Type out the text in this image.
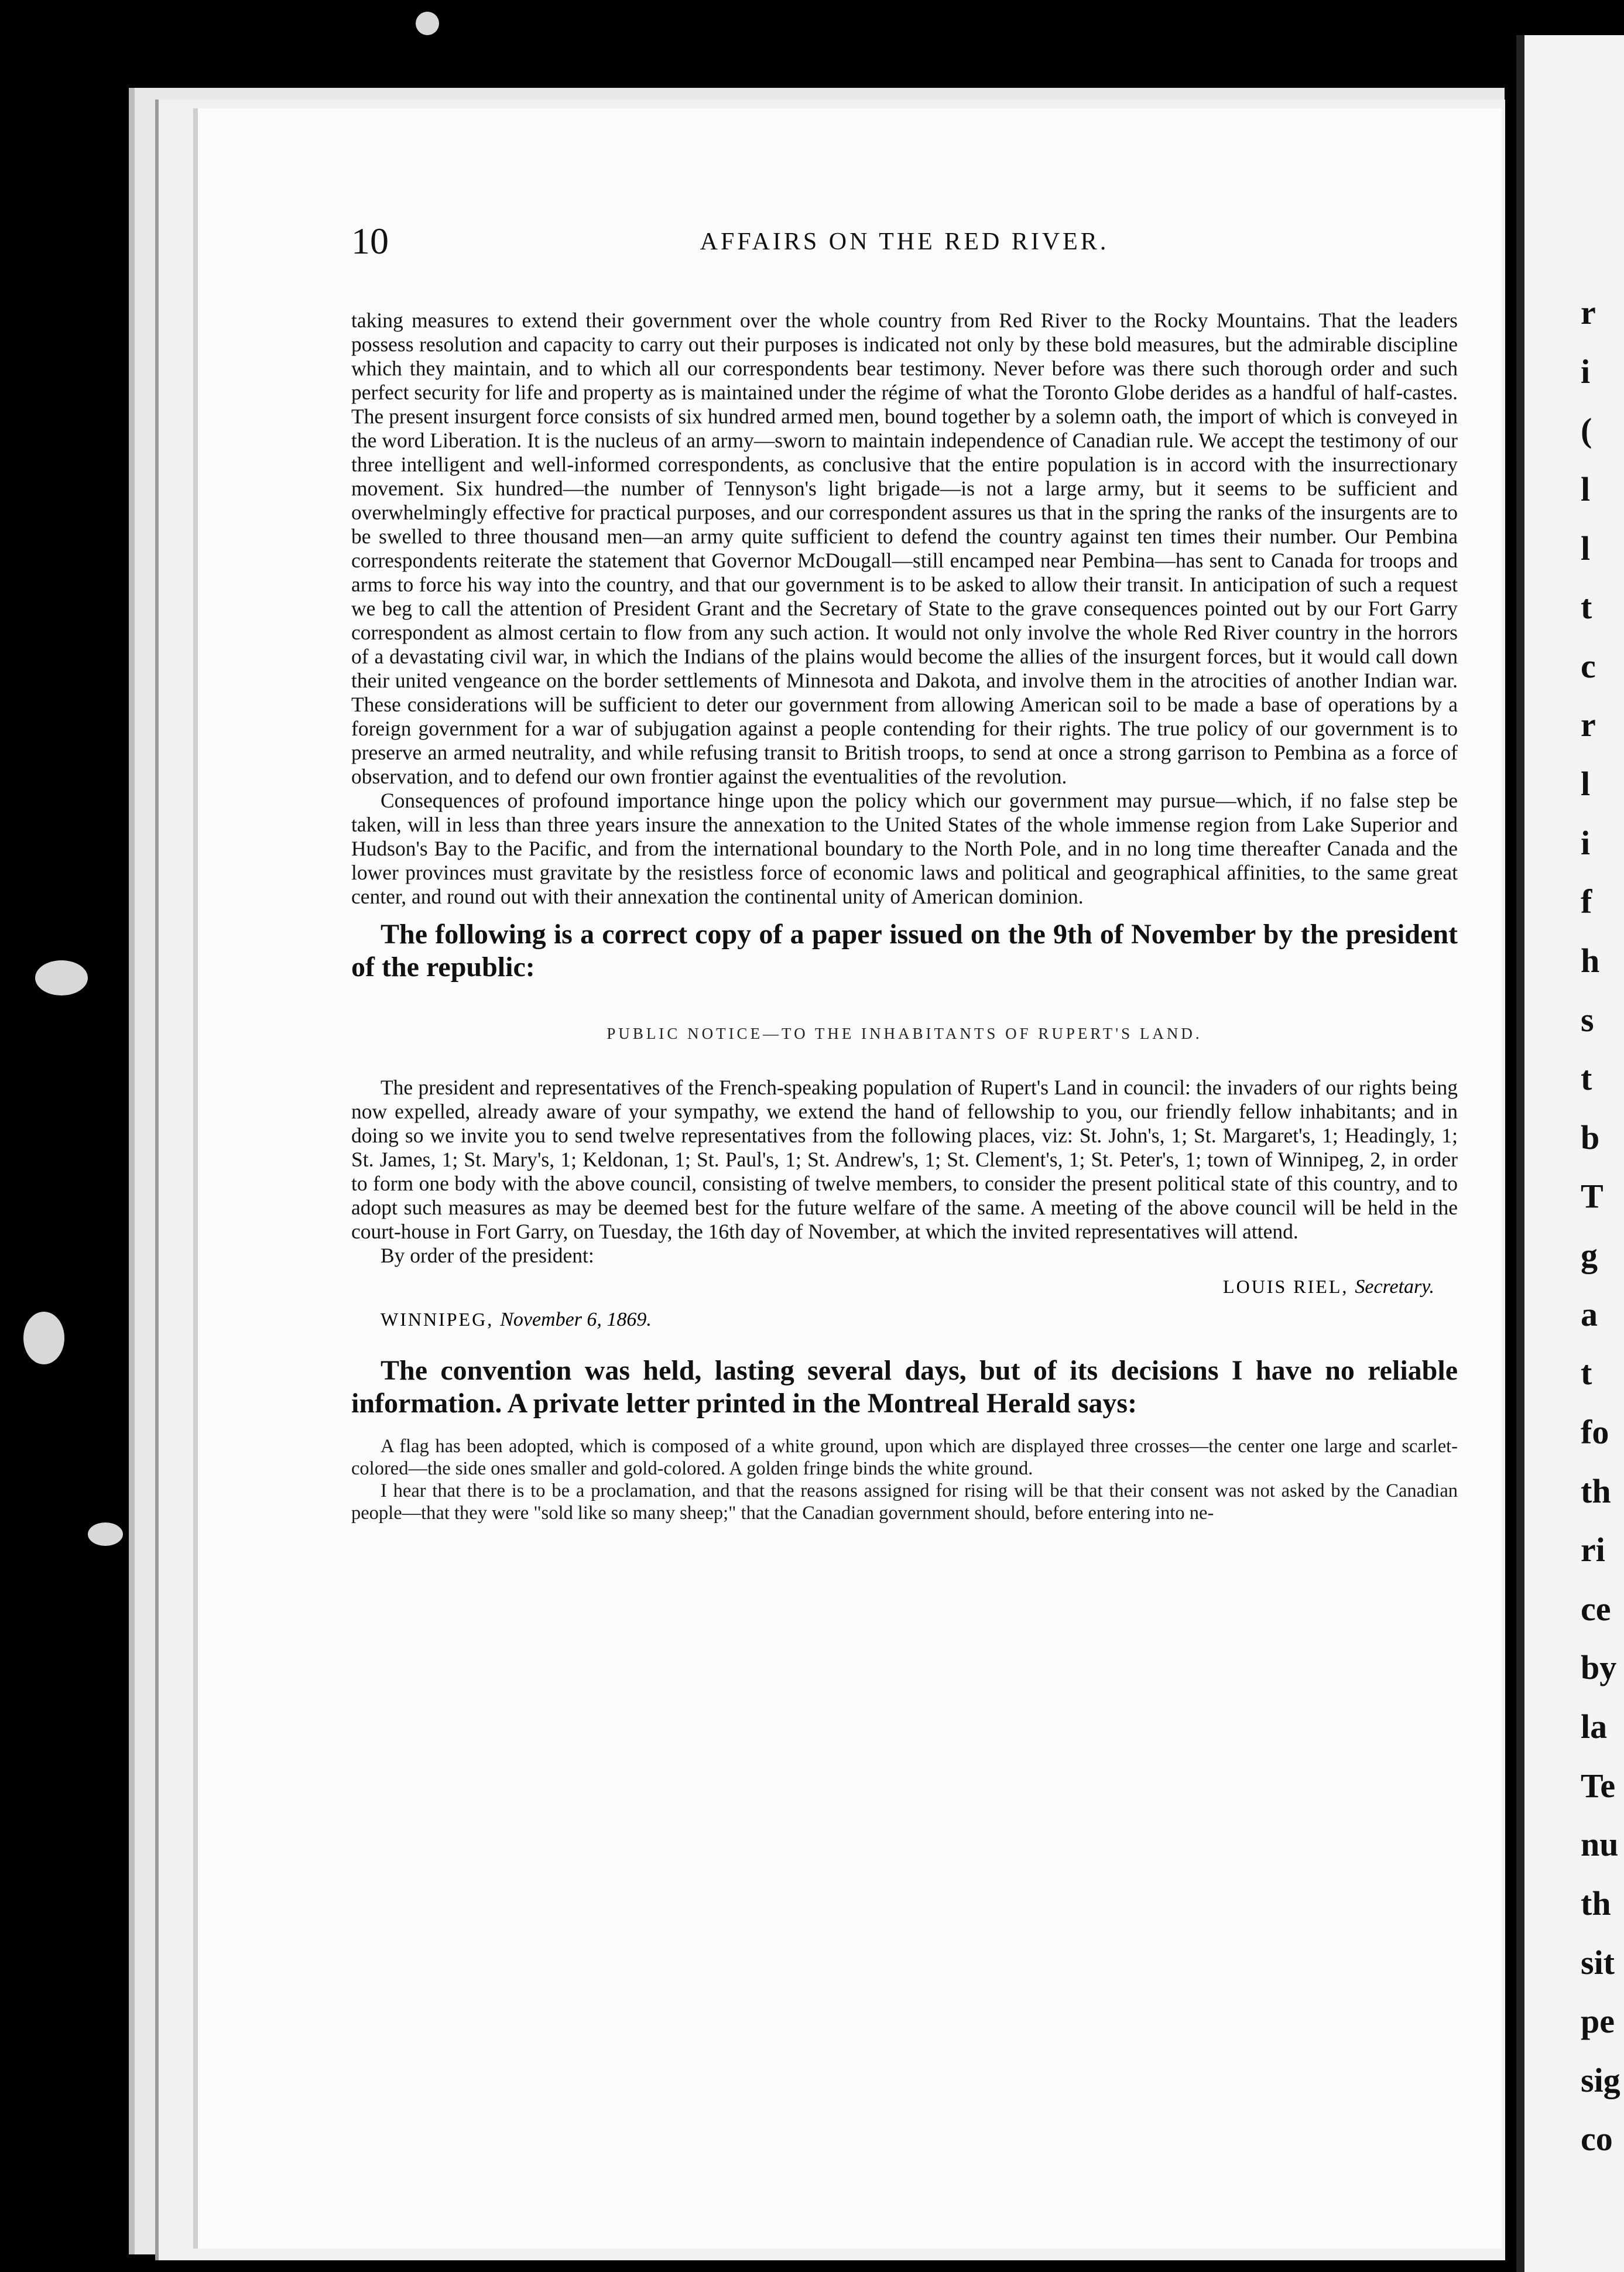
r
i
(
l
l
t
c
r
l
i
f
h
s
t
b
T
g
a
t
fo
th
ri
ce
by
la
Te
nu
th
sit
pe
sig
co
10	AFFAIRS ON THE RED RIVER.

taking measures to extend their government over the whole country from Red River to the Rocky Mountains. That the leaders possess resolution and capacity to carry out their purposes is indicated not only by these bold measures, but the admirable discipline which they maintain, and to which all our correspondents bear testimony. Never before was there such thorough order and such perfect security for life and property as is maintained under the régime of what the Toronto Globe derides as a handful of half-castes. The present insurgent force consists of six hundred armed men, bound together by a solemn oath, the import of which is conveyed in the word Liberation. It is the nucleus of an army—sworn to maintain independence of Canadian rule. We accept the testimony of our three intelligent and well-informed correspondents, as conclusive that the entire population is in accord with the insurrectionary movement. Six hundred—the number of Tennyson's light brigade—is not a large army, but it seems to be sufficient and overwhelmingly effective for practical purposes, and our correspondent assures us that in the spring the ranks of the insurgents are to be swelled to three thousand men—an army quite sufficient to defend the country against ten times their number. Our Pembina correspondents reiterate the statement that Governor McDougall—still encamped near Pembina—has sent to Canada for troops and arms to force his way into the country, and that our government is to be asked to allow their transit. In anticipation of such a request we beg to call the attention of President Grant and the Secretary of State to the grave consequences pointed out by our Fort Garry correspondent as almost certain to flow from any such action. It would not only involve the whole Red River country in the horrors of a devastating civil war, in which the Indians of the plains would become the allies of the insurgent forces, but it would call down their united vengeance on the border settlements of Minnesota and Dakota, and involve them in the atrocities of another Indian war. These considerations will be sufficient to deter our government from allowing American soil to be made a base of operations by a foreign government for a war of subjugation against a people contending for their rights. The true policy of our government is to preserve an armed neutrality, and while refusing transit to British troops, to send at once a strong garrison to Pembina as a force of observation, and to defend our own frontier against the eventualities of the revolution.

Consequences of profound importance hinge upon the policy which our government may pursue—which, if no false step be taken, will in less than three years insure the annexation to the United States of the whole immense region from Lake Superior and Hudson's Bay to the Pacific, and from the international boundary to the North Pole, and in no long time thereafter Canada and the lower provinces must gravitate by the resistless force of economic laws and political and geographical affinities, to the same great center, and round out with their annexation the continental unity of American dominion.

The following is a correct copy of a paper issued on the 9th of November by the president of the republic:

PUBLIC NOTICE—TO THE INHABITANTS OF RUPERT'S LAND.

The president and representatives of the French-speaking population of Rupert's Land in council: the invaders of our rights being now expelled, already aware of your sympathy, we extend the hand of fellowship to you, our friendly fellow inhabitants; and in doing so we invite you to send twelve representatives from the following places, viz: St. John's, 1; St. Margaret's, 1; Headingly, 1; St. James, 1; St. Mary's, 1; Keldonan, 1; St. Paul's, 1; St. Andrew's, 1; St. Clement's, 1; St. Peter's, 1; town of Winnipeg, 2, in order to form one body with the above council, consisting of twelve members, to consider the present political state of this country, and to adopt such measures as may be deemed best for the future welfare of the same. A meeting of the above council will be held in the court-house in Fort Garry, on Tuesday, the 16th day of November, at which the invited representatives will attend.

By order of the president:

LOUIS RIEL, Secretary.
WINNIPEG, November 6, 1869.

The convention was held, lasting several days, but of its decisions I have no reliable information. A private letter printed in the Montreal Herald says:

A flag has been adopted, which is composed of a white ground, upon which are displayed three crosses—the center one large and scarlet-colored—the side ones smaller and gold-colored. A golden fringe binds the white ground.

I hear that there is to be a proclamation, and that the reasons assigned for rising will be that their consent was not asked by the Canadian people—that they were "sold like so many sheep;" that the Canadian government should, before entering into ne-
